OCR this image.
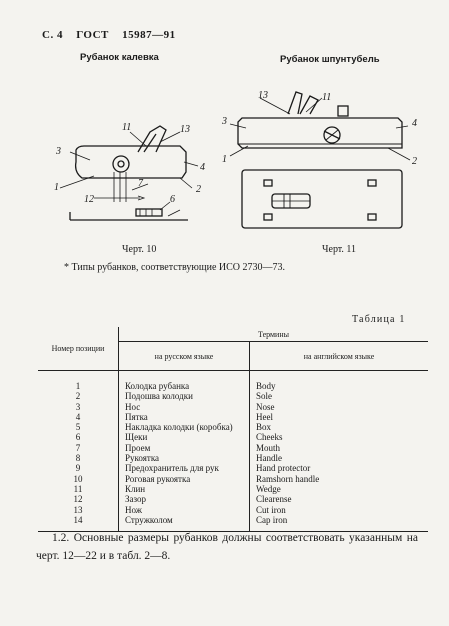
С. 4 ГОСТ 15987—91
Рубанок калевка	Рубанок шпунтубель
3
1
11	13
4
2
7
12	6
13	11
3	4
1	2
Черт. 10	Черт. 11
* Типы рубанков, соответствующие ИСО 2730—73.
Таблица 1
Номер позиции	Термины	
	на русском языке	на английском языке
1	Колодка рубанка	Body
2	Подошва колодки	Sole
3	Нос	Nose
4	Пятка	Heel
5	Накладка колодки (коробка)	Box
6	Щеки	Cheeks
7	Проем	Mouth
8	Рукоятка	Handle
9	Предохранитель для рук	Hand protector
10	Роговая рукоятка	Ramshorn handle
11	Клин	Wedge
12	Зазор	Clearense
13	Нож	Cut iron
14	Стружколом	Cap iron

1.2. Основные размеры рубанков должны соответствовать указанным на черт. 12—22 и в табл. 2—8.
